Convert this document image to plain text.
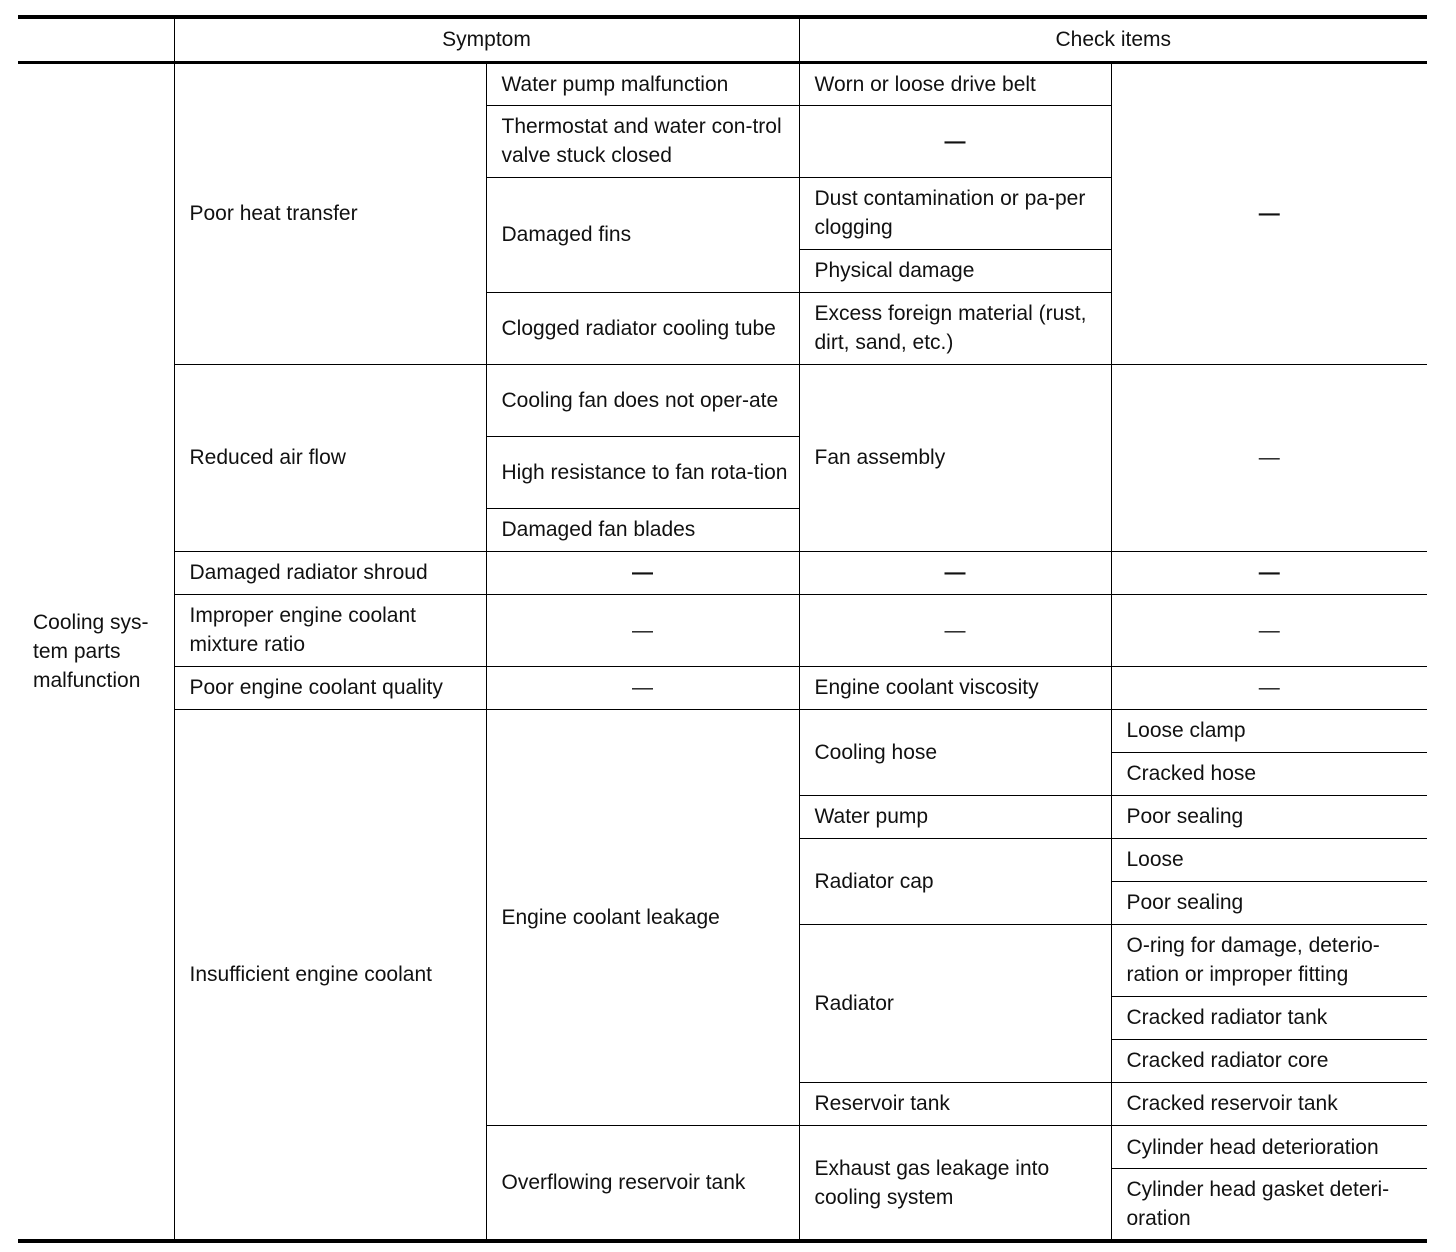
	Symptom		Check items	
Cooling sys-tem parts malfunction	Poor heat transfer	Water pump malfunction	Worn or loose drive belt	—
		Thermostat and water con-trol valve stuck closed	—	
		Damaged fins	Dust contamination or pa-per clogging	
			Physical damage	
		Clogged radiator cooling tube	Excess foreign material (rust, dirt, sand, etc.)	
	Reduced air flow	Cooling fan does not oper-ate	Fan assembly	—
		High resistance to fan rota-tion		
		Damaged fan blades		
	Damaged radiator shroud	—	—	—
	Improper engine coolant mixture ratio	—	—	—
	Poor engine coolant quality	—	Engine coolant viscosity	—
	Insufficient engine coolant	Engine coolant leakage	Cooling hose	Loose clamp
				Cracked hose
			Water pump	Poor sealing
			Radiator cap	Loose
				Poor sealing
			Radiator	O-ring for damage, deterio-ration or improper fitting
				Cracked radiator tank
				Cracked radiator core
			Reservoir tank	Cracked reservoir tank

		Overflowing reservoir tank	Exhaust gas leakage into cooling system	Cylinder head deterioration
				Cylinder head gasket deteri-oration
